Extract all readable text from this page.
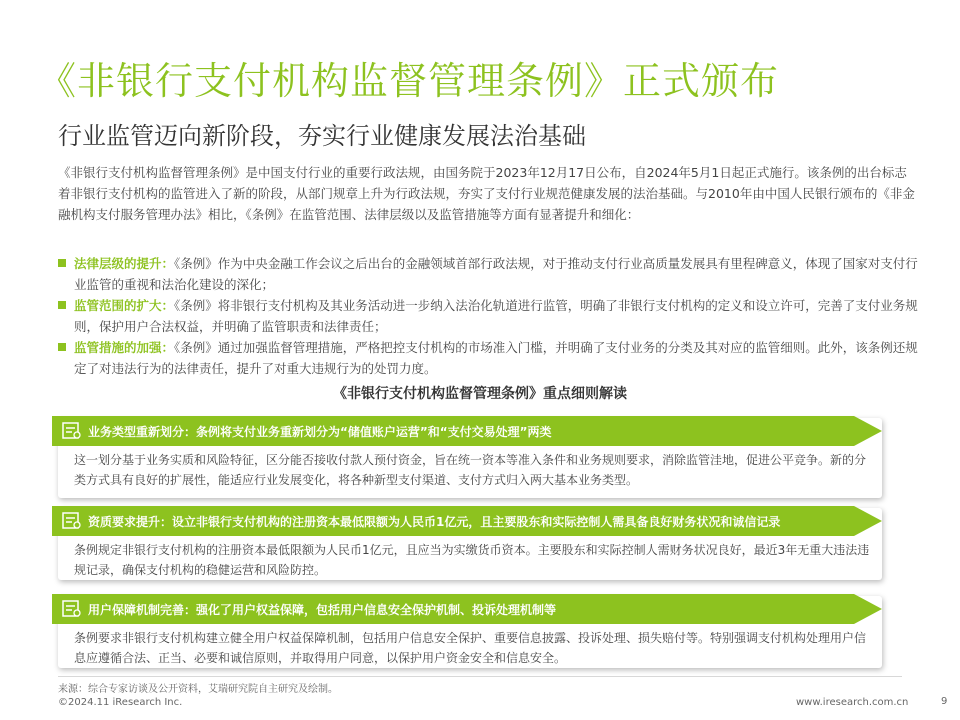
《非银行支付机构监督管理条例》正式颁布
行业监管迈向新阶段，夯实行业健康发展法治基础
《非银行支付机构监督管理条例》是中国支付行业的重要行政法规，由国务院于2023年12月17日公布，自2024年5月1日起正式施行。该条例的出台标志着非银行支付机构的监管进入了新的阶段，从部门规章上升为行政法规，夯实了支付行业规范健康发展的法治基础。与2010年由中国人民银行颁布的《非金融机构支付服务管理办法》相比，《条例》在监管范围、法律层级以及监管措施等方面有显著提升和细化：
法律层级的提升：《条例》作为中央金融工作会议之后出台的金融领域首部行政法规，对于推动支付行业高质量发展具有里程碑意义，体现了国家对支付行业监管的重视和法治化建设的深化；
监管范围的扩大：《条例》将非银行支付机构及其业务活动进一步纳入法治化轨道进行监管，明确了非银行支付机构的定义和设立许可，完善了支付业务规则，保护用户合法权益，并明确了监管职责和法律责任；
监管措施的加强：《条例》通过加强监督管理措施，严格把控支付机构的市场准入门槛，并明确了支付业务的分类及其对应的监管细则。此外，该条例还规定了对违法行为的法律责任，提升了对重大违规行为的处罚力度。
《非银行支付机构监督管理条例》重点细则解读
业务类型重新划分：条例将支付业务重新划分为“储值账户运营”和“支付交易处理”两类
这一划分基于业务实质和风险特征，区分能否接收付款人预付资金，旨在统一资本等准入条件和业务规则要求，消除监管洼地，促进公平竞争。新的分类方式具有良好的扩展性，能适应行业发展变化，将各种新型支付渠道、支付方式归入两大基本业务类型。
资质要求提升：设立非银行支付机构的注册资本最低限额为人民币1亿元，且主要股东和实际控制人需具备良好财务状况和诚信记录
条例规定非银行支付机构的注册资本最低限额为人民币1亿元，且应当为实缴货币资本。主要股东和实际控制人需财务状况良好，最近3年无重大违法违规记录，确保支付机构的稳健运营和风险防控。
用户保障机制完善：强化了用户权益保障，包括用户信息安全保护机制、投诉处理机制等
条例要求非银行支付机构建立健全用户权益保障机制，包括用户信息安全保护、重要信息披露、投诉处理、损失赔付等。特别强调支付机构处理用户信息应遵循合法、正当、必要和诚信原则，并取得用户同意，以保护用户资金安全和信息安全。
来源：综合专家访谈及公开资料，艾瑞研究院自主研究及绘制。
©2024.11 iResearch Inc.	www.iresearch.com.cn	9
